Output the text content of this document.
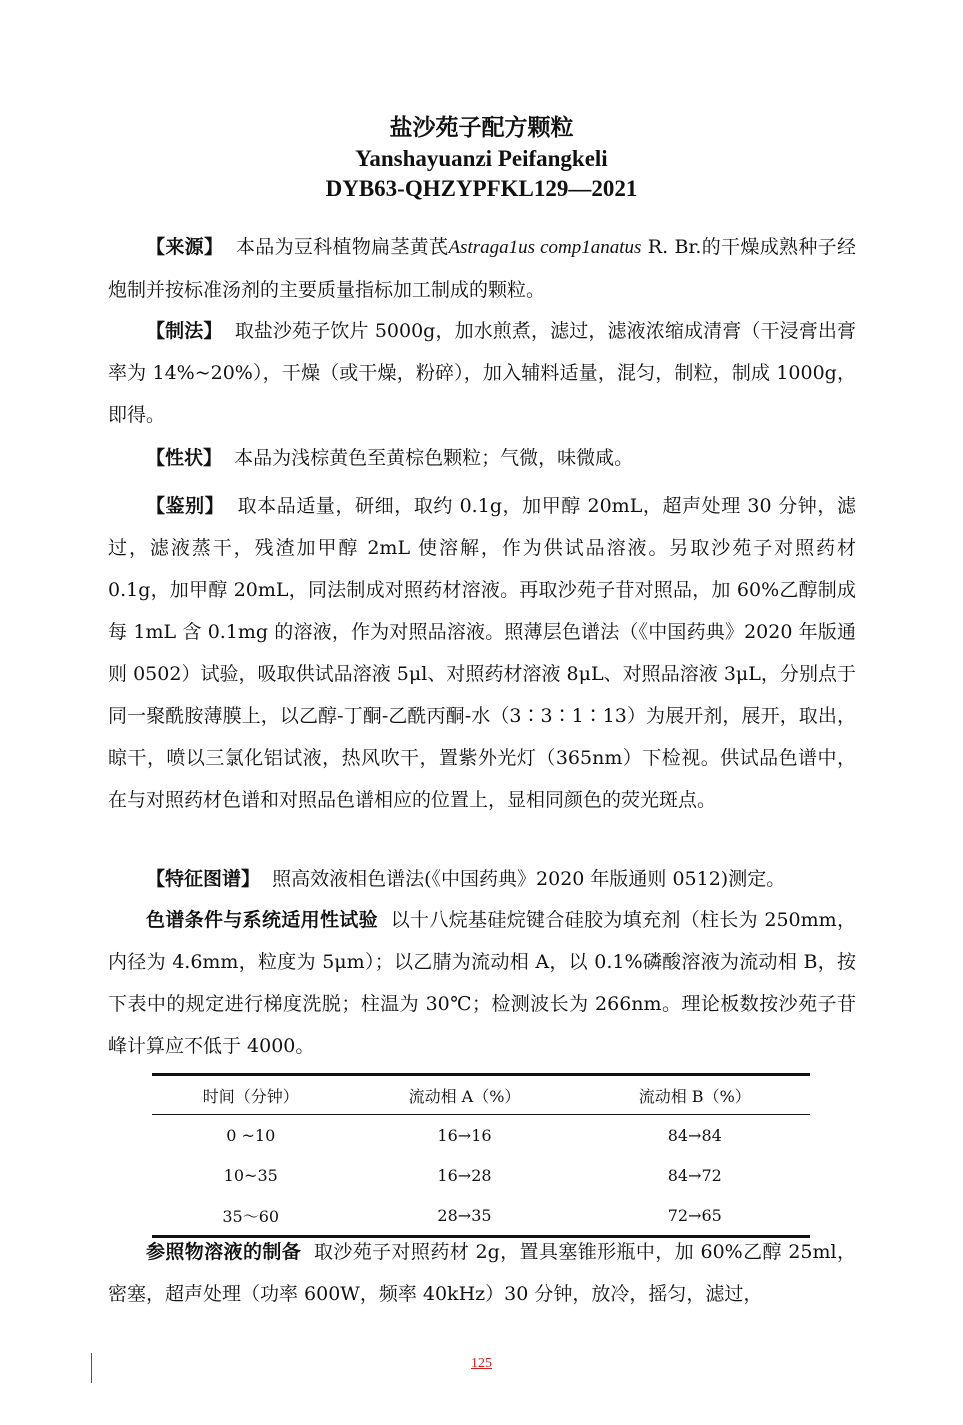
盐沙苑子配方颗粒
Yanshayuanzi Peifangkeli
DYB63-QHZYPFKL129—2021

【来源】 本品为豆科植物扁茎黄芪Astraga1us comp1anatus R. Br.的干燥成熟种子经炮制并按标准汤剂的主要质量指标加工制成的颗粒。

【制法】 取盐沙苑子饮片 5000g，加水煎煮，滤过，滤液浓缩成清膏（干浸膏出膏率为 14%~20%），干燥（或干燥，粉碎），加入辅料适量，混匀，制粒，制成 1000g，即得。

【性状】 本品为浅棕黄色至黄棕色颗粒；气微，味微咸。

【鉴别】 取本品适量，研细，取约 0.1g，加甲醇 20mL，超声处理 30 分钟，滤过，滤液蒸干，残渣加甲醇 2mL 使溶解，作为供试品溶液。另取沙苑子对照药材 0.1g，加甲醇 20mL，同法制成对照药材溶液。再取沙苑子苷对照品，加 60%乙醇制成每 1mL 含 0.1mg 的溶液，作为对照品溶液。照薄层色谱法（《中国药典》2020 年版通则 0502）试验，吸取供试品溶液 5μl、对照药材溶液 8μL、对照品溶液 3μL，分别点于同一聚酰胺薄膜上，以乙醇-丁酮-乙酰丙酮-水（3∶3∶1∶13）为展开剂，展开，取出，晾干，喷以三氯化铝试液，热风吹干，置紫外光灯（365nm）下检视。供试品色谱中，在与对照药材色谱和对照品色谱相应的位置上，显相同颜色的荧光斑点。

【特征图谱】 照高效液相色谱法(《中国药典》2020 年版通则 0512)测定。

色谱条件与系统适用性试验 以十八烷基硅烷键合硅胶为填充剂（柱长为 250mm，内径为 4.6mm，粒度为 5μm）；以乙腈为流动相 A，以 0.1%磷酸溶液为流动相 B，按下表中的规定进行梯度洗脱；柱温为 30℃；检测波长为 266nm。理论板数按沙苑子苷峰计算应不低于 4000。

时间（分钟）	流动相 A（%）	流动相 B（%）
0 ~10	16→16	84→84
10~35	16→28	84→72
35～60	28→35	72→65

参照物溶液的制备 取沙苑子对照药材 2g，置具塞锥形瓶中，加 60%乙醇 25ml，密塞，超声处理（功率 600W，频率 40kHz）30 分钟，放冷，摇匀，滤过，

125
